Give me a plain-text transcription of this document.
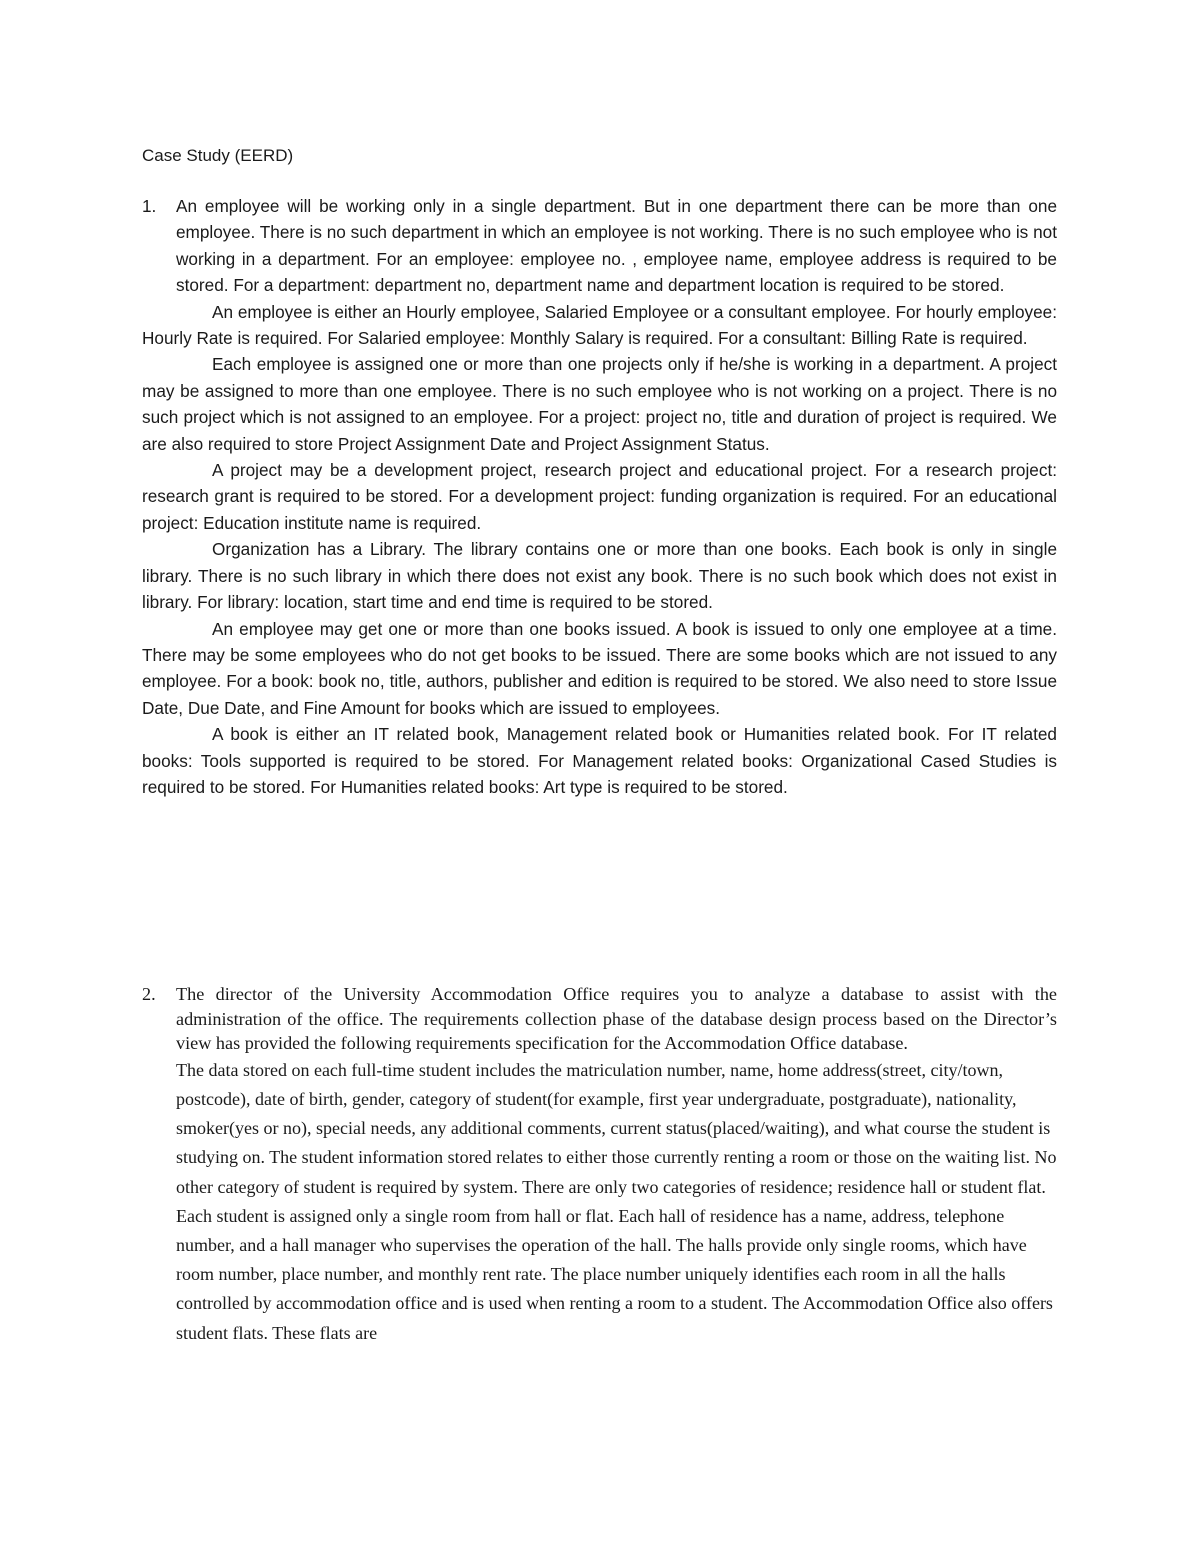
Case Study (EERD)
1. An employee will be working only in a single department. But in one department there can be more than one employee. There is no such department in which an employee is not working. There is no such employee who is not working in a department. For an employee: employee no. , employee name, employee address is required to be stored. For a department: department no, department name and department location is required to be stored.

An employee is either an Hourly employee, Salaried Employee or a consultant employee. For hourly employee: Hourly Rate is required. For Salaried employee: Monthly Salary is required. For a consultant: Billing Rate is required.

Each employee is assigned one or more than one projects only if he/she is working in a department. A project may be assigned to more than one employee. There is no such employee who is not working on a project. There is no such project which is not assigned to an employee. For a project: project no, title and duration of project is required. We are also required to store Project Assignment Date and Project Assignment Status.

A project may be a development project, research project and educational project. For a research project: research grant is required to be stored. For a development project: funding organization is required. For an educational project: Education institute name is required.

Organization has a Library. The library contains one or more than one books. Each book is only in single library. There is no such library in which there does not exist any book. There is no such book which does not exist in library. For library: location, start time and end time is required to be stored.

An employee may get one or more than one books issued. A book is issued to only one employee at a time. There may be some employees who do not get books to be issued. There are some books which are not issued to any employee. For a book: book no, title, authors, publisher and edition is required to be stored. We also need to store Issue Date, Due Date, and Fine Amount for books which are issued to employees.

A book is either an IT related book, Management related book or Humanities related book. For IT related books: Tools supported is required to be stored. For Management related books: Organizational Cased Studies is required to be stored. For Humanities related books: Art type is required to be stored.

2. The director of the University Accommodation Office requires you to analyze a database to assist with the administration of the office. The requirements collection phase of the database design process based on the Director’s view has provided the following requirements specification for the Accommodation Office database.

The data stored on each full-time student includes the matriculation number, name, home address(street, city/town, postcode), date of birth, gender, category of student(for example, first year undergraduate, postgraduate), nationality, smoker(yes or no), special needs, any additional comments, current status(placed/waiting), and what course the student is studying on. The student information stored relates to either those currently renting a room or those on the waiting list. No other category of student is required by system. There are only two categories of residence; residence hall or student flat. Each student is assigned only a single room from hall or flat. Each hall of residence has a name, address, telephone number, and a hall manager who supervises the operation of the hall. The halls provide only single rooms, which have room number, place number, and monthly rent rate. The place number uniquely identifies each room in all the halls controlled by accommodation office and is used when renting a room to a student. The Accommodation Office also offers student flats. These flats are
